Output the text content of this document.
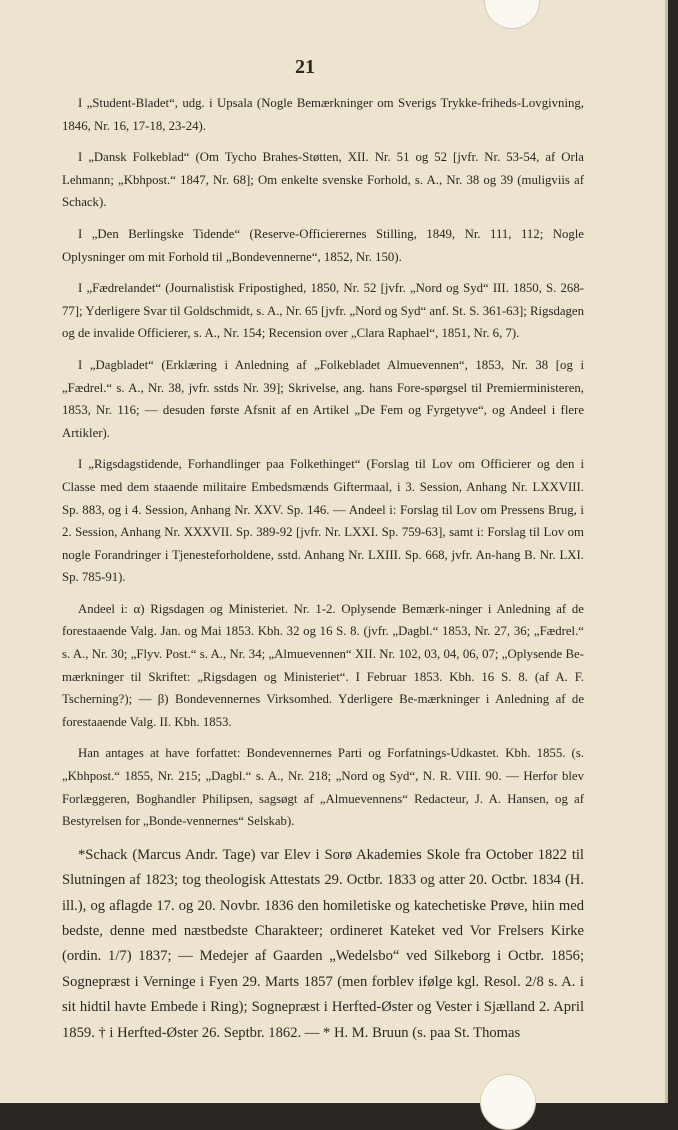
21

I „Student-Bladet“, udg. i Upsala (Nogle Bemærkninger om Sverigs Trykke-friheds-Lovgivning, 1846, Nr. 16, 17-18, 23-24).

I „Dansk Folkeblad“ (Om Tycho Brahes-Støtten, XII. Nr. 51 og 52 [jvfr. Nr. 53-54, af Orla Lehmann; „Kbhpost.“ 1847, Nr. 68]; Om enkelte svenske Forhold, s. A., Nr. 38 og 39 (muligviis af Schack).

I „Den Berlingske Tidende“ (Reserve-Officierernes Stilling, 1849, Nr. 111, 112; Nogle Oplysninger om mit Forhold til „Bondevennerne“, 1852, Nr. 150).

I „Fædrelandet“ (Journalistisk Fripostighed, 1850, Nr. 52 [jvfr. „Nord og Syd“ III. 1850, S. 268-77]; Yderligere Svar til Goldschmidt, s. A., Nr. 65 [jvfr. „Nord og Syd“ anf. St. S. 361-63]; Rigsdagen og de invalide Officierer, s. A., Nr. 154; Recension over „Clara Raphael“, 1851, Nr. 6, 7).

I „Dagbladet“ (Erklæring i Anledning af „Folkebladet Almuevennen“, 1853, Nr. 38 [og i „Fædrel.“ s. A., Nr. 38, jvfr. sstds Nr. 39]; Skrivelse, ang. hans Fore-spørgsel til Premierministeren, 1853, Nr. 116; — desuden første Afsnit af en Artikel „De Fem og Fyrgetyve“, og Andeel i flere Artikler).

I „Rigsdagstidende, Forhandlinger paa Folkethinget“ (Forslag til Lov om Officierer og den i Classe med dem staaende militaire Embedsmænds Giftermaal, i 3. Session, Anhang Nr. LXXVIII. Sp. 883, og i 4. Session, Anhang Nr. XXV. Sp. 146. — Andeel i: Forslag til Lov om Pressens Brug, i 2. Session, Anhang Nr. XXXVII. Sp. 389-92 [jvfr. Nr. LXXI. Sp. 759-63], samt i: Forslag til Lov om nogle Forandringer i Tjenesteforholdene, sstd. Anhang Nr. LXIII. Sp. 668, jvfr. An-hang B. Nr. LXI. Sp. 785-91).

Andeel i: α) Rigsdagen og Ministeriet. Nr. 1-2. Oplysende Bemærk-ninger i Anledning af de forestaaende Valg. Jan. og Mai 1853. Kbh. 32 og 16 S. 8. (jvfr. „Dagbl.“ 1853, Nr. 27, 36; „Fædrel.“ s. A., Nr. 30; „Flyv. Post.“ s. A., Nr. 34; „Almuevennen“ XII. Nr. 102, 03, 04, 06, 07; „Oplysende Be-mærkninger til Skriftet: „Rigsdagen og Ministeriet“. I Februar 1853. Kbh. 16 S. 8. (af A. F. Tscherning?); — β) Bondevennernes Virksomhed. Yderligere Be-mærkninger i Anledning af de forestaaende Valg. II. Kbh. 1853.

Han antages at have forfattet: Bondevennernes Parti og Forfatnings-Udkastet. Kbh. 1855. (s. „Kbhpost.“ 1855, Nr. 215; „Dagbl.“ s. A., Nr. 218; „Nord og Syd“, N. R. VIII. 90. — Herfor blev Forlæggeren, Boghandler Philipsen, sagsøgt af „Almuevennens“ Redacteur, J. A. Hansen, og af Bestyrelsen for „Bonde-vennernes“ Selskab).

*Schack (Marcus Andr. Tage) var Elev i Sorø Akademies Skole fra October 1822 til Slutningen af 1823; tog theologisk Attestats 29. Octbr. 1833 og atter 20. Octbr. 1834 (H. ill.), og aflagde 17. og 20. Novbr. 1836 den homiletiske og katechetiske Prøve, hiin med bedste, denne med næstbedste Charakteer; ordineret Kateket ved Vor Frelsers Kirke (ordin. 1/7) 1837; — Medejer af Gaarden „Wedelsbo“ ved Silkeborg i Octbr. 1856; Sognepræst i Verninge i Fyen 29. Marts 1857 (men forblev ifølge kgl. Resol. 2/8 s. A. i sit hidtil havte Embede i Ring); Sognepræst i Herfted-Øster og Vester i Sjælland 2. April 1859. † i Herfted-Øster 26. Septbr. 1862. — * H. M. Bruun (s. paa St. Thomas
